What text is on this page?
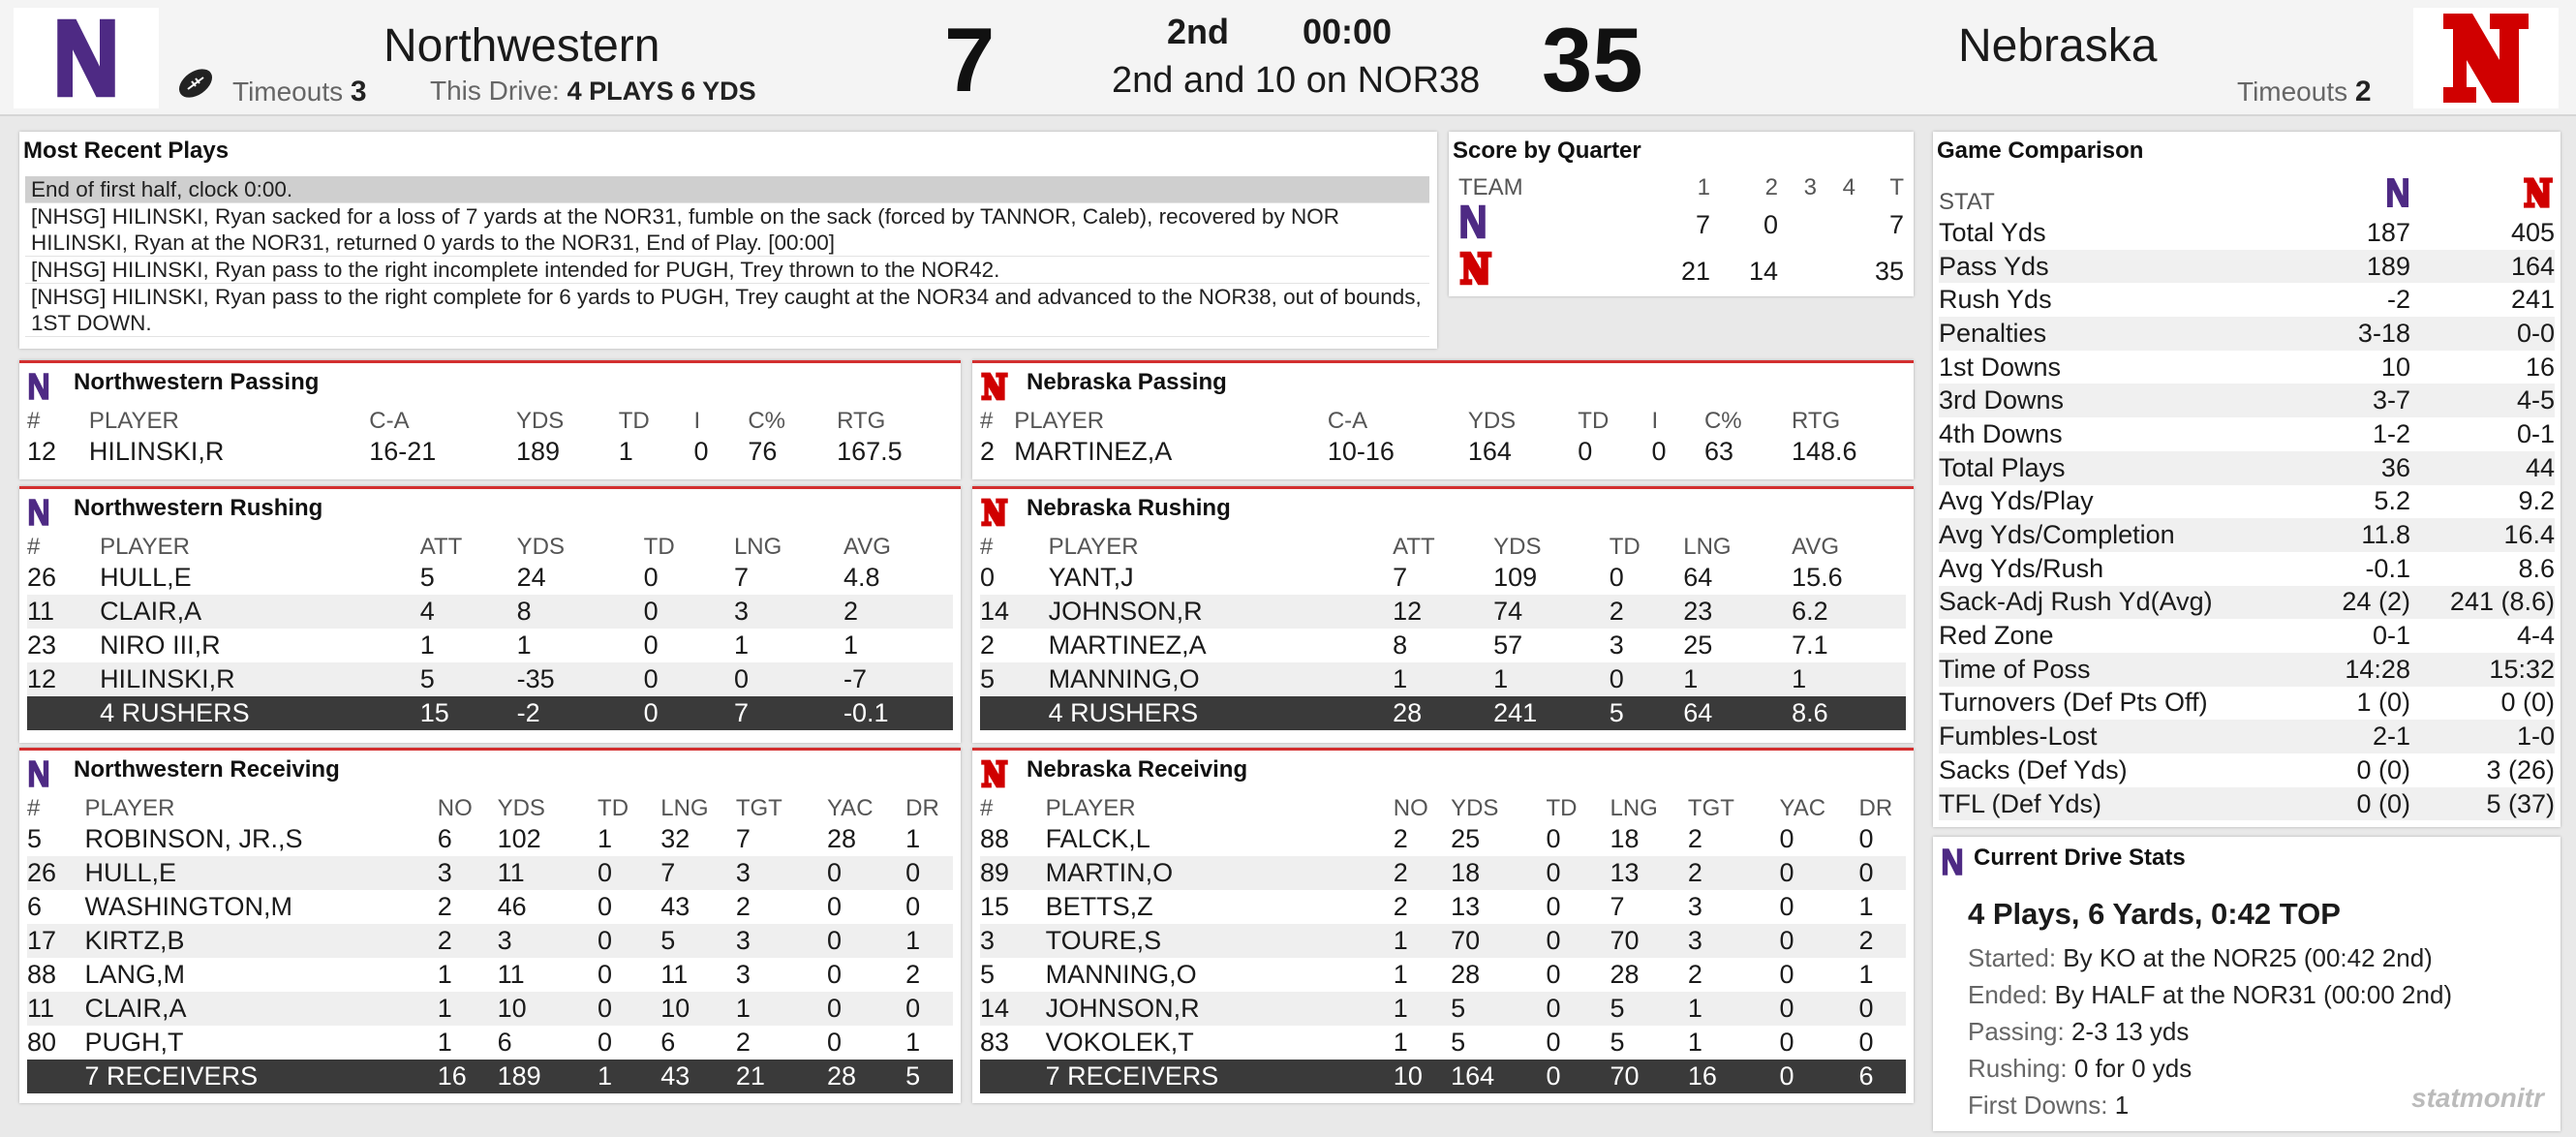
Northwestern
Timeouts 3 This Drive: 4 PLAYS 6 YDS 7	2nd 00:00
2nd and 10 on NOR38 35	Nebraska
Timeouts 2
Most Recent Plays
End of first half, clock 0:00.
[NHSG] HILINSKI, Ryan sacked for a loss of 7 yards at the NOR31, fumble on the sack (forced by TANNOR, Caleb), recovered by NOR HILINSKI, Ryan at the NOR31, returned 0 yards to the NOR31, End of Play. [00:00]
[NHSG] HILINSKI, Ryan pass to the right incomplete intended for PUGH, Trey thrown to the NOR42.
[NHSG] HILINSKI, Ryan pass to the right complete for 6 yards to PUGH, Trey caught at the NOR34 and advanced to the NOR38, out of bounds, 1ST DOWN.
Score by Quarter
TEAM	1	2	3	4	T
	7	0			7
	21	14			35
Game Comparison
STAT		
Total Yds	187	405
Pass Yds	189	164
Rush Yds	-2	241
Penalties	3-18	0-0
1st Downs	10	16
3rd Downs	3-7	4-5
4th Downs	1-2	0-1
Total Plays	36	44
Avg Yds/Play	5.2	9.2
Avg Yds/Completion	11.8	16.4
Avg Yds/Rush	-0.1	8.6
Sack-Adj Rush Yd(Avg)	24 (2)	241 (8.6)
Red Zone	0-1	4-4
Time of Poss	14:28	15:32
Turnovers (Def Pts Off)	1 (0)	0 (0)
Fumbles-Lost	2-1	1-0
Sacks (Def Yds)	0 (0)	3 (26)
TFL (Def Yds)	0 (0)	5 (37)
Current Drive Stats
4 Plays, 6 Yards, 0:42 TOP
Started: By KO at the NOR25 (00:42 2nd)
Ended: By HALF at the NOR31 (00:00 2nd)
Passing: 2-3 13 yds
Rushing: 0 for 0 yds
First Downs: 1	statmonitr
Northwestern Passing
#	PLAYER	C-A	YDS	TD	I	C%	RTG
12	HILINSKI,R	16-21	189	1	0	76	167.5
Nebraska Passing
#	PLAYER	C-A	YDS	TD	I	C%	RTG
2	MARTINEZ,A	10-16	164	0	0	63	148.6
Northwestern Rushing
#	PLAYER	ATT	YDS	TD	LNG	AVG
26	HULL,E	5	24	0	7	4.8
11	CLAIR,A	4	8	0	3	2
23	NIRO III,R	1	1	0	1	1
12	HILINSKI,R	5	-35	0	0	-7
	4 RUSHERS	15	-2	0	7	-0.1
Nebraska Rushing
#	PLAYER	ATT	YDS	TD	LNG	AVG
0	YANT,J	7	109	0	64	15.6
14	JOHNSON,R	12	74	2	23	6.2
2	MARTINEZ,A	8	57	3	25	7.1
5	MANNING,O	1	1	0	1	1
	4 RUSHERS	28	241	5	64	8.6
Northwestern Receiving
#	PLAYER	NO	YDS	TD	LNG	TGT	YAC	DR
5	ROBINSON, JR.,S	6	102	1	32	7	28	1
26	HULL,E	3	11	0	7	3	0	0
6	WASHINGTON,M	2	46	0	43	2	0	0
17	KIRTZ,B	2	3	0	5	3	0	1
88	LANG,M	1	11	0	11	3	0	2
11	CLAIR,A	1	10	0	10	1	0	0
80	PUGH,T	1	6	0	6	2	0	1
	7 RECEIVERS	16	189	1	43	21	28	5
Nebraska Receiving
#	PLAYER	NO	YDS	TD	LNG	TGT	YAC	DR
88	FALCK,L	2	25	0	18	2	0	0
89	MARTIN,O	2	18	0	13	2	0	0
15	BETTS,Z	2	13	0	7	3	0	1
3	TOURE,S	1	70	0	70	3	0	2
5	MANNING,O	1	28	0	28	2	0	1
14	JOHNSON,R	1	5	0	5	1	0	0
83	VOKOLEK,T	1	5	0	5	1	0	0
	7 RECEIVERS	10	164	0	70	16	0	6
